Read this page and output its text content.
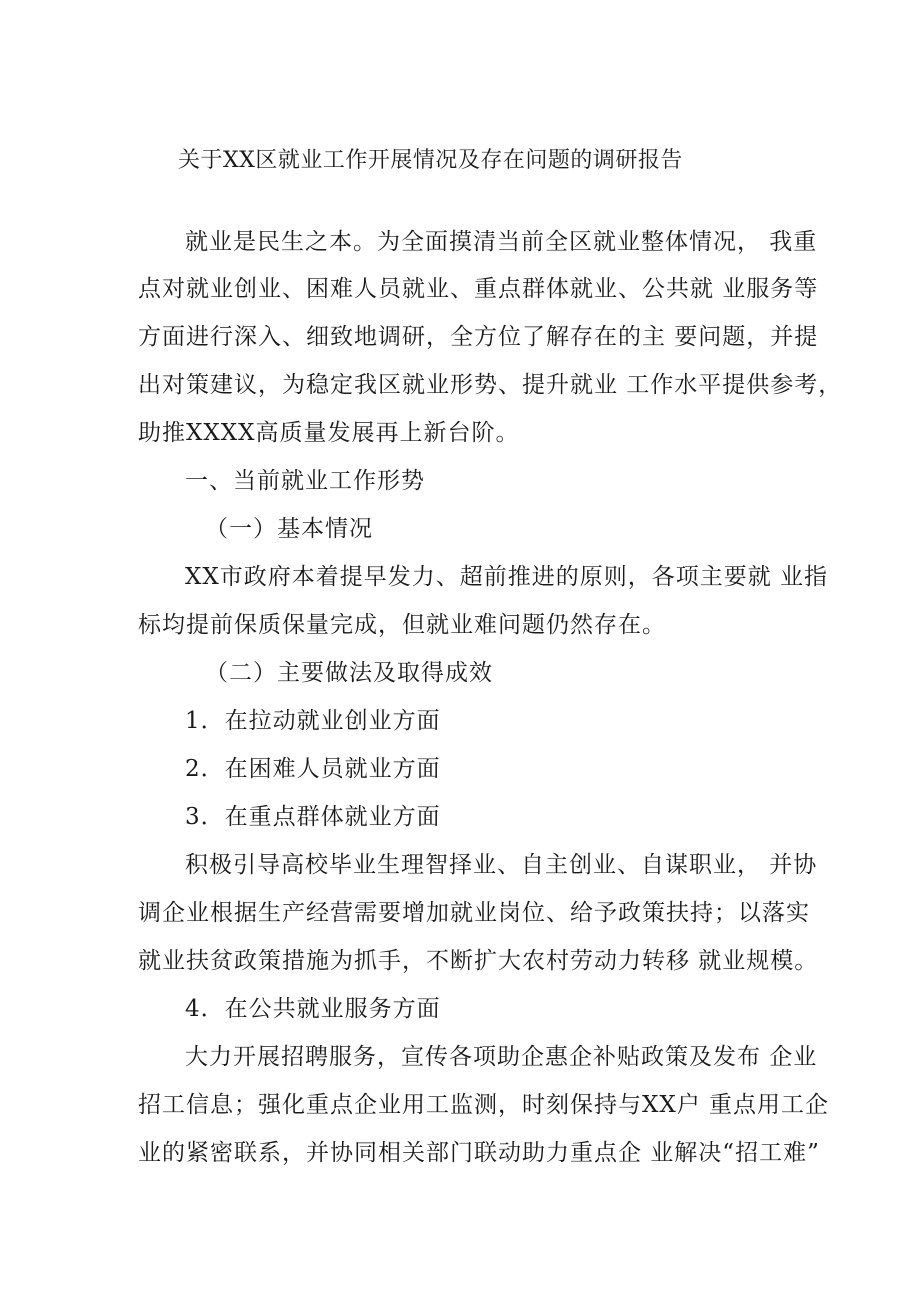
关于XX区就业工作开展情况及存在问题的调研报告
就业是民生之本。为全面摸清当前全区就业整体情况， 我重
点对就业创业、困难人员就业、重点群体就业、公共就 业服务等
方面进行深入、细致地调研，全方位了解存在的主 要问题，并提
出对策建议，为稳定我区就业形势、提升就业 工作水平提供参考，
助推XXXX高质量发展再上新台阶。
一、当前就业工作形势
（一）基本情况
XX市政府本着提早发力、超前推进的原则，各项主要就 业指
标均提前保质保量完成，但就业难问题仍然存在。
（二）主要做法及取得成效
1．在拉动就业创业方面
2．在困难人员就业方面
3．在重点群体就业方面
积极引导高校毕业生理智择业、自主创业、自谋职业， 并协
调企业根据生产经营需要增加就业岗位、给予政策扶持；以落实
就业扶贫政策措施为抓手，不断扩大农村劳动力转移 就业规模。
4．在公共就业服务方面
大力开展招聘服务，宣传各项助企惠企补贴政策及发布 企业
招工信息；强化重点企业用工监测，时刻保持与XX户 重点用工企
业的紧密联系，并协同相关部门联动助力重点企 业解决“招工难”
